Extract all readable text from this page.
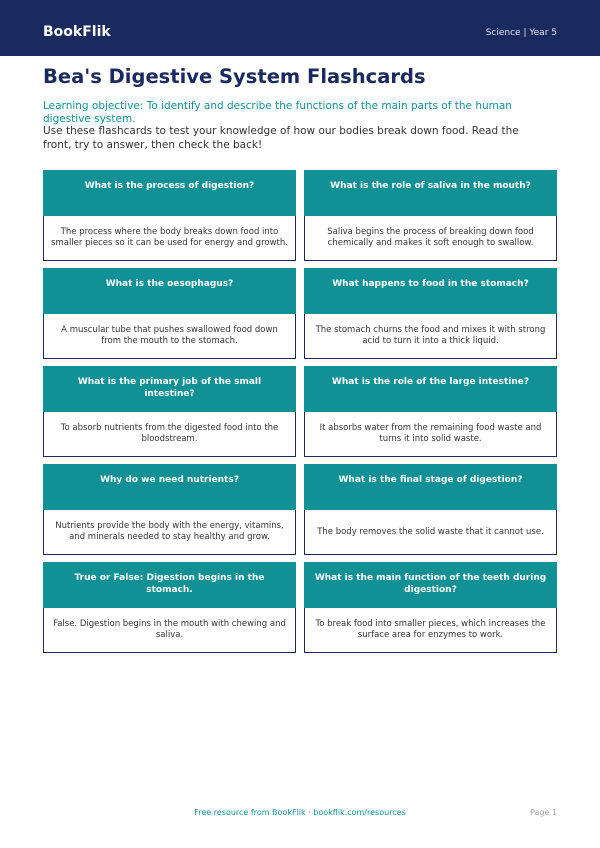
BookFlik	Science | Year 5
Bea's Digestive System Flashcards
Learning objective: To identify and describe the functions of the main parts of the human digestive system.
Use these flashcards to test your knowledge of how our bodies break down food. Read the front, try to answer, then check the back!
What is the process of digestion?
The process where the body breaks down food into smaller pieces so it can be used for energy and growth.
What is the role of saliva in the mouth?
Saliva begins the process of breaking down food chemically and makes it soft enough to swallow.
What is the oesophagus?
A muscular tube that pushes swallowed food down from the mouth to the stomach.
What happens to food in the stomach?
The stomach churns the food and mixes it with strong acid to turn it into a thick liquid.
What is the primary job of the small intestine?
To absorb nutrients from the digested food into the bloodstream.
What is the role of the large intestine?
It absorbs water from the remaining food waste and turns it into solid waste.
Why do we need nutrients?
Nutrients provide the body with the energy, vitamins, and minerals needed to stay healthy and grow.
What is the final stage of digestion?
The body removes the solid waste that it cannot use.
True or False: Digestion begins in the stomach.
False. Digestion begins in the mouth with chewing and saliva.
What is the main function of the teeth during digestion?
To break food into smaller pieces, which increases the surface area for enzymes to work.
Free resource from BookFlik · bookflik.com/resources	Page 1
